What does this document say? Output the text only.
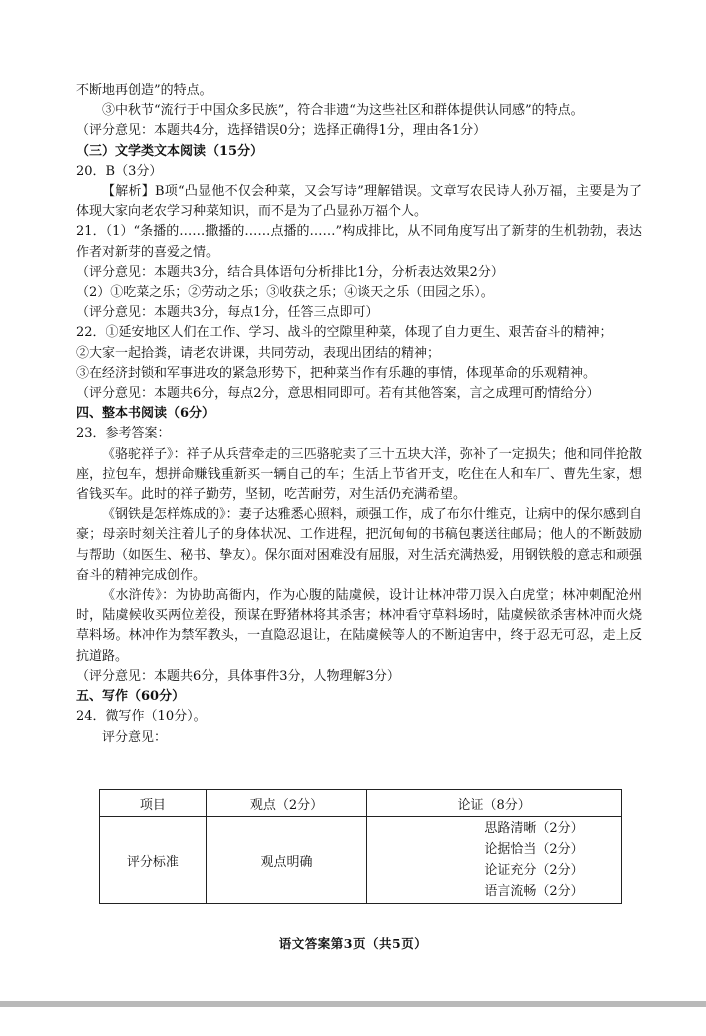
不断地再创造”的特点。

③中秋节“流行于中国众多民族”，符合非遗“为这些社区和群体提供认同感”的特点。

（评分意见：本题共4分，选择错误0分；选择正确得1分，理由各1分）

（三）文学类文本阅读（15分）

20．B（3分）

【解析】B项“凸显他不仅会种菜，又会写诗”理解错误。文章写农民诗人孙万福，主要是为了体现大家向老农学习种菜知识，而不是为了凸显孙万福个人。

21．（1）“条播的……撒播的……点播的……”构成排比，从不同角度写出了新芽的生机勃勃，表达作者对新芽的喜爱之情。

（评分意见：本题共3分，结合具体语句分析排比1分，分析表达效果2分）

（2）①吃菜之乐；②劳动之乐；③收获之乐；④谈天之乐（田园之乐）。

（评分意见：本题共3分，每点1分，任答三点即可）

22．①延安地区人们在工作、学习、战斗的空隙里种菜，体现了自力更生、艰苦奋斗的精神；

②大家一起拾粪，请老农讲课，共同劳动，表现出团结的精神；

③在经济封锁和军事进攻的紧急形势下，把种菜当作有乐趣的事情，体现革命的乐观精神。

（评分意见：本题共6分，每点2分，意思相同即可。若有其他答案，言之成理可酌情给分）

四、整本书阅读（6分）

23．参考答案：

《骆驼祥子》：祥子从兵营牵走的三匹骆驼卖了三十五块大洋，弥补了一定损失；他和同伴抢散座，拉包车，想拼命赚钱重新买一辆自己的车；生活上节省开支，吃住在人和车厂、曹先生家，想省钱买车。此时的祥子勤劳，坚韧，吃苦耐劳，对生活仍充满希望。

《钢铁是怎样炼成的》：妻子达雅悉心照料，顽强工作，成了布尔什维克，让病中的保尔感到自豪；母亲时刻关注着儿子的身体状况、工作进程，把沉甸甸的书稿包裹送往邮局；他人的不断鼓励与帮助（如医生、秘书、挚友）。保尔面对困难没有屈服，对生活充满热爱，用钢铁般的意志和顽强奋斗的精神完成创作。

《水浒传》：为协助高衙内，作为心腹的陆虞候，设计让林冲带刀误入白虎堂；林冲刺配沧州时，陆虞候收买两位差役，预谋在野猪林将其杀害；林冲看守草料场时，陆虞候欲杀害林冲而火烧草料场。林冲作为禁军教头，一直隐忍退让，在陆虞候等人的不断迫害中，终于忍无可忍，走上反抗道路。

（评分意见：本题共6分，具体事件3分，人物理解3分）

五、写作（60分）

24．微写作（10分）。

评分意见：

项目	观点（2分）	论证（8分）
评分标准	观点明确	思路清晰（2分）
论据恰当（2分）
论证充分（2分）
语言流畅（2分）
语文答案第3页（共5页）
